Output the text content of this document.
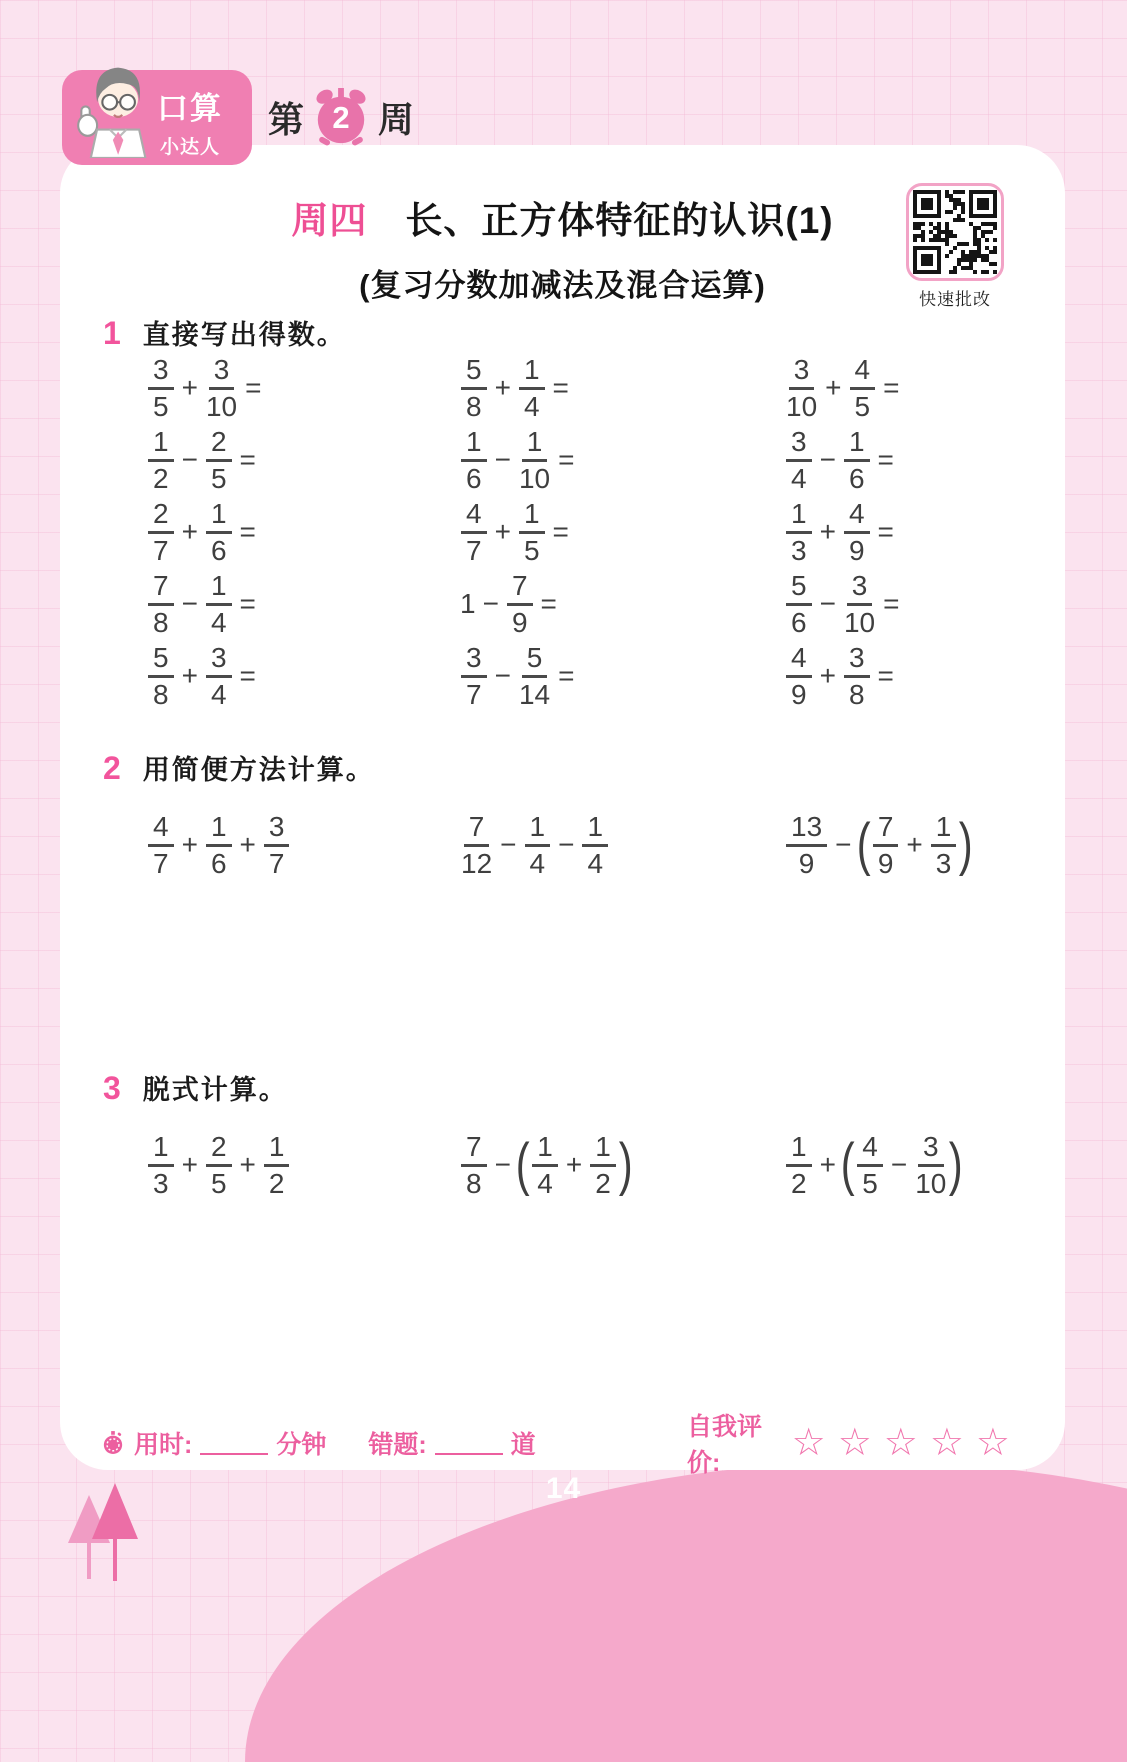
14
口算
小达人
第 2 周
周四 长、正方体特征的认识(1)
(复习分数加减法及混合运算)	快速批改
1 直接写出得数。
$\frac{3}{5} + \frac{3}{10}$ =	$\frac{5}{8} + \frac{1}{4}$ =	$\frac{3}{10} + \frac{4}{5}$ =
$\frac{1}{2} - \frac{2}{5}$ =	$\frac{1}{6} - \frac{1}{10}$ =	$\frac{3}{4} - \frac{1}{6}$ =
$\frac{2}{7} + \frac{1}{6}$ =	$\frac{4}{7} + \frac{1}{5}$ =	$\frac{1}{3} + \frac{4}{9}$ =
$\frac{7}{8} - \frac{1}{4}$ =	$1 - \frac{7}{9}$ =	$\frac{5}{6} - \frac{3}{10}$ =
$\frac{5}{8} + \frac{3}{4}$ =	$\frac{3}{7} - \frac{5}{14}$ =	$\frac{4}{9} + \frac{3}{8}$ =
2 用简便方法计算。
$\frac{4}{7} + \frac{1}{6} + \frac{3}{7}$	$\frac{7}{12} - \frac{1}{4} - \frac{1}{4}$	$\frac{13}{9}$ − ( $\frac{7}{9} + \frac{1}{3}$ )
3 脱式计算。
$\frac{1}{3} + \frac{2}{5} + \frac{1}{2}$	$\frac{7}{8}$ − ( $\frac{1}{4} + \frac{1}{2}$ )	$\frac{1}{2}$ + ( $\frac{4}{5} - \frac{3}{10}$ )
用时:	分钟 错题:	道
自我评价:	☆☆☆☆☆
